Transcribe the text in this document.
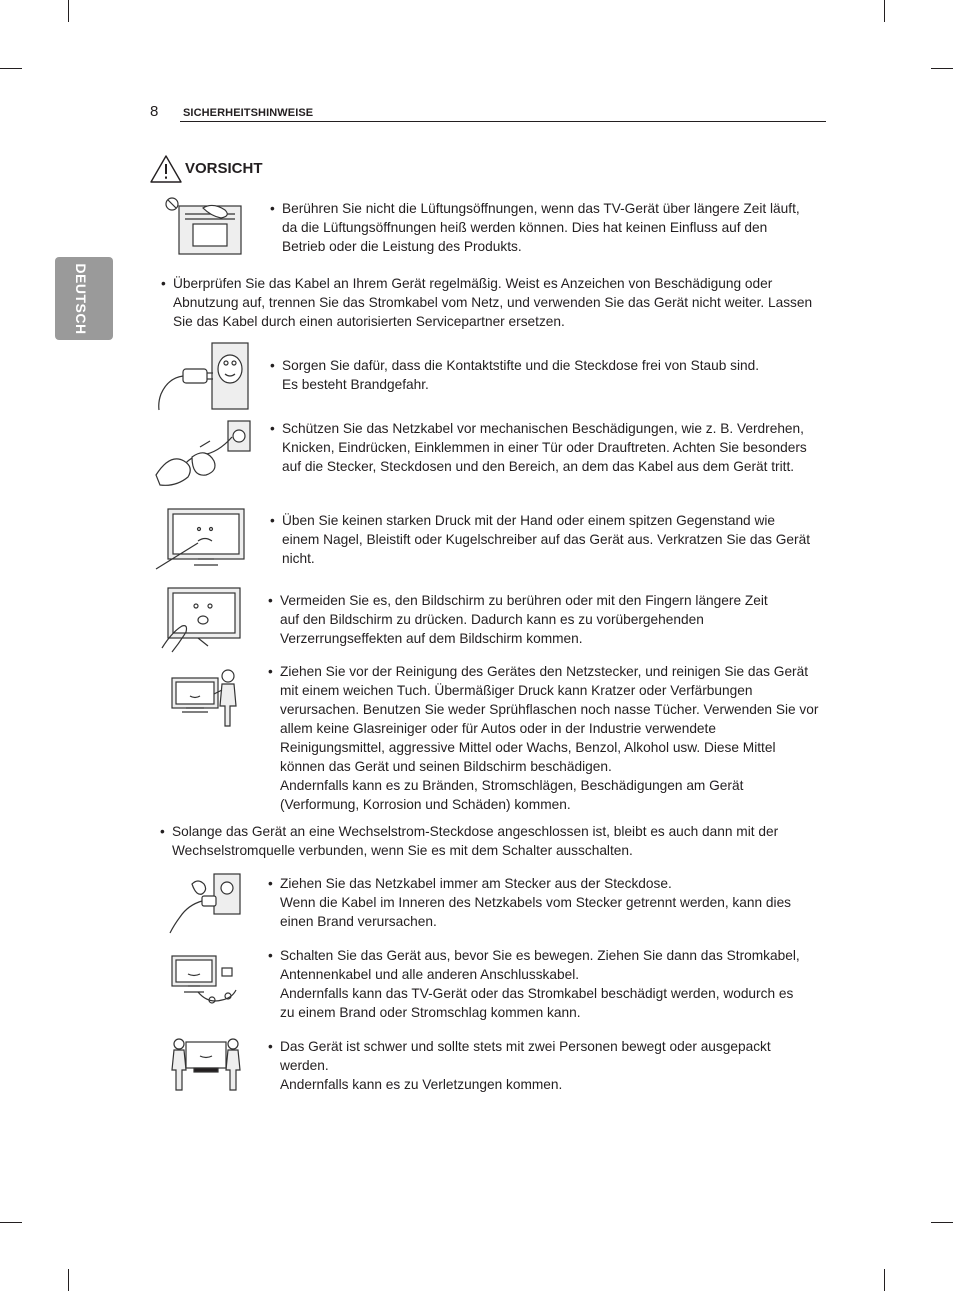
8 SICHERHEITSHINWEISE
DEUTSCH
VORSICHT
• Berühren Sie nicht die Lüftungsöffnungen, wenn das TV-Gerät über längere Zeit läuft, da die Lüftungsöffnungen heiß werden können. Dies hat keinen Einfluss auf den Betrieb oder die Leistung des Produkts.

• Überprüfen Sie das Kabel an Ihrem Gerät regelmäßig. Weist es Anzeichen von Beschädigung oder Abnutzung auf, trennen Sie das Stromkabel vom Netz, und verwenden Sie das Gerät nicht weiter. Lassen Sie das Kabel durch einen autorisierten Servicepartner ersetzen.

• Sorgen Sie dafür, dass die Kontaktstifte und die Steckdose frei von Staub sind.

Es besteht Brandgefahr.

• Schützen Sie das Netzkabel vor mechanischen Beschädigungen, wie z. B. Verdrehen, Knicken, Eindrücken, Einklemmen in einer Tür oder Drauftreten. Achten Sie besonders auf die Stecker, Steckdosen und den Bereich, an dem das Kabel aus dem Gerät tritt.

• Üben Sie keinen starken Druck mit der Hand oder einem spitzen Gegenstand wie einem Nagel, Bleistift oder Kugelschreiber auf das Gerät aus. Verkratzen Sie das Gerät nicht.

• Vermeiden Sie es, den Bildschirm zu berühren oder mit den Fingern längere Zeit auf den Bildschirm zu drücken. Dadurch kann es zu vorübergehenden Verzerrungseffekten auf dem Bildschirm kommen.

• Ziehen Sie vor der Reinigung des Gerätes den Netzstecker, und reinigen Sie das Gerät mit einem weichen Tuch. Übermäßiger Druck kann Kratzer oder Verfärbungen verursachen. Benutzen Sie weder Sprühflaschen noch nasse Tücher. Verwenden Sie vor allem keine Glasreiniger oder für Autos oder in der Industrie verwendete Reinigungsmittel, aggressive Mittel oder Wachs, Benzol, Alkohol usw. Diese Mittel können das Gerät und seinen Bildschirm beschädigen.

Andernfalls kann es zu Bränden, Stromschlägen, Beschädigungen am Gerät (Verformung, Korrosion und Schäden) kommen.

• Solange das Gerät an eine Wechselstrom-Steckdose angeschlossen ist, bleibt es auch dann mit der Wechselstromquelle verbunden, wenn Sie es mit dem Schalter ausschalten.

• Ziehen Sie das Netzkabel immer am Stecker aus der Steckdose.

Wenn die Kabel im Inneren des Netzkabels vom Stecker getrennt werden, kann dies einen Brand verursachen.

• Schalten Sie das Gerät aus, bevor Sie es bewegen. Ziehen Sie dann das Stromkabel, Antennenkabel und alle anderen Anschlusskabel.

Andernfalls kann das TV-Gerät oder das Stromkabel beschädigt werden, wodurch es zu einem Brand oder Stromschlag kommen kann.

• Das Gerät ist schwer und sollte stets mit zwei Personen bewegt oder ausgepackt werden.

Andernfalls kann es zu Verletzungen kommen.
